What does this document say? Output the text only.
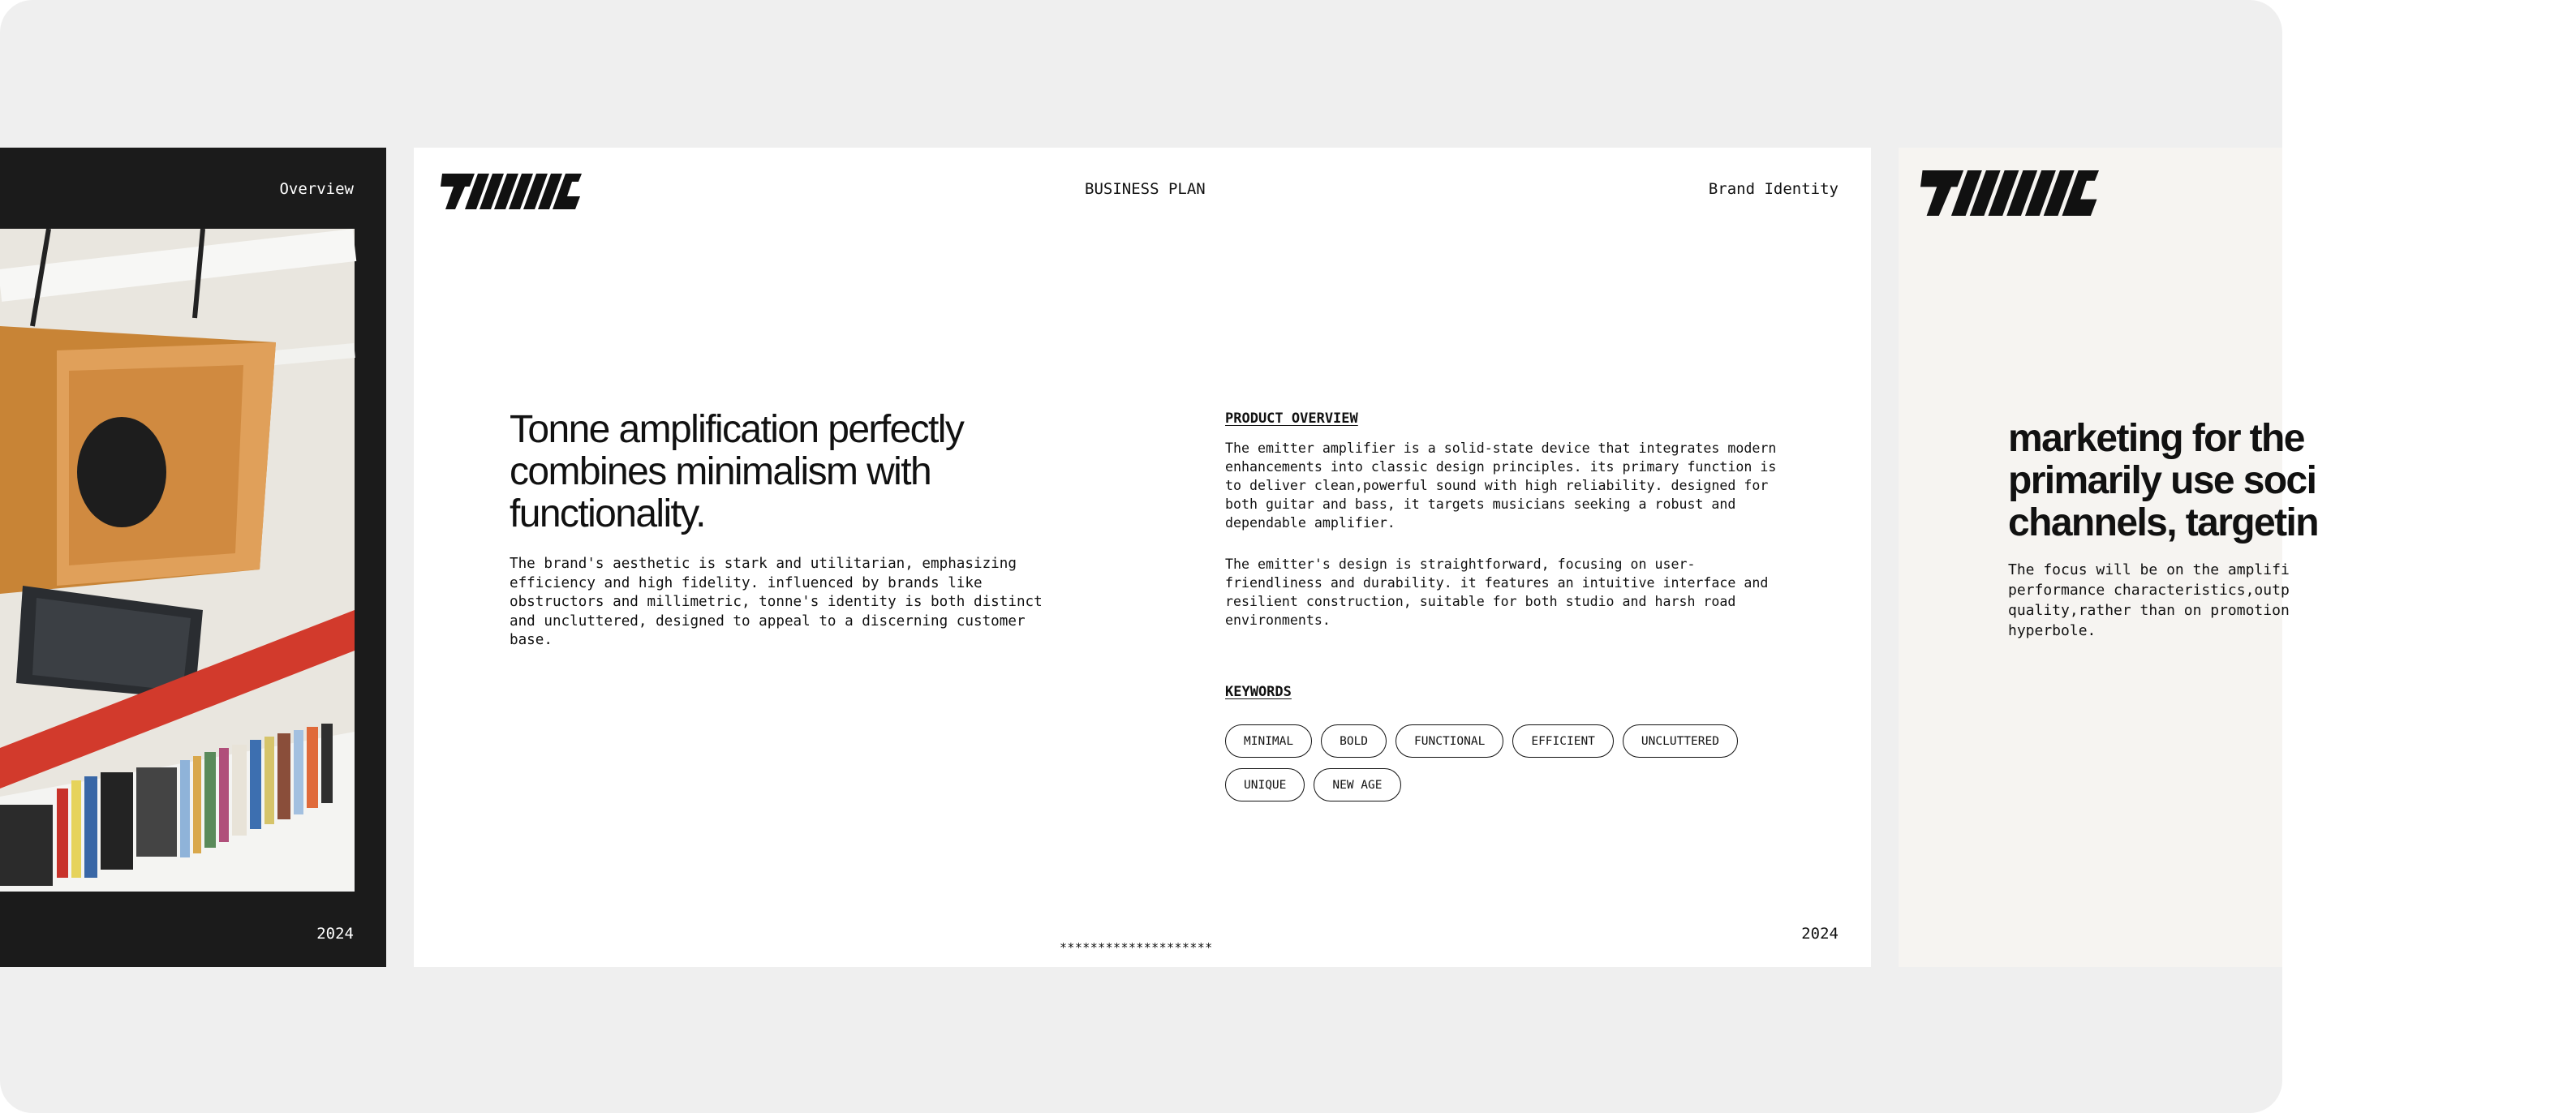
Overview
2024
BUSINESS PLAN	Brand Identity
Tonne amplification perfectly combines minimalism with functionality.

The brand's aesthetic is stark and utilitarian, emphasizing efficiency and high fidelity. influenced by brands like obstructors and millimetric, tonne's identity is both distinct and uncluttered, designed to appeal to a discerning customer base.

PRODUCT OVERVIEW

The emitter amplifier is a solid-state device that integrates modern enhancements into classic design principles. its primary function is to deliver clean,powerful sound with high reliability. designed for both guitar and bass, it targets musicians seeking a robust and dependable amplifier.

The emitter's design is straightforward, focusing on user-friendliness and durability. it features an intuitive interface and resilient construction, suitable for both studio and harsh road environments.

KEYWORDS
MINIMAL	BOLD	FUNCTIONAL	EFFICIENT	UNCLUTTERED
UNIQUE	NEW AGE
********************
2024
marketing for the
primarily use soci
channels, targetin

The focus will be on the amplifi
performance characteristics,outp
quality,rather than on promotion
hyperbole.
